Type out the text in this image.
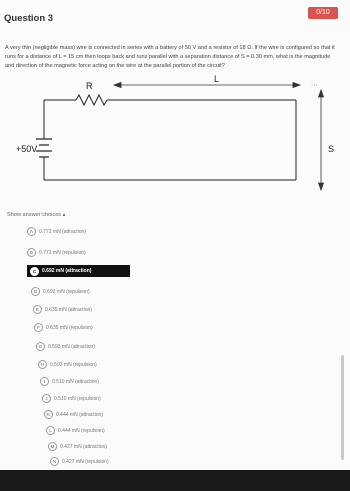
0/10
Question 3
A very thin (negligible mass) wire is connected in series with a battery of 50 V and a resistor of 18 Ω. If the wire is configured so that it runs for a distance of L = 15 cm then loops back and runs parallel with a separation distance of S = 0.30 mm, what is the magnitude and direction of the magnetic force acting on the wire at the parallel portion of the circuit?
+50V
R
L
S
···
Show answer choices ▴
A	0.772 mN (attraction)
B	0.772 mN (repulsion)
C	0.692 mN (attraction)
D	0.692 mN (repulsion)
E	0.635 mN (attraction)
F	0.635 mN (repulsion)
G	0.593 mN (attraction)
H	0.593 mN (repulsion)
I	0.510 mN (attraction)
J	0.510 mN (repulsion)
K	0.444 mN (attraction)
L	0.444 mN (repulsion)
M	0.427 mN (attraction)
N	0.427 mN (repulsion)
